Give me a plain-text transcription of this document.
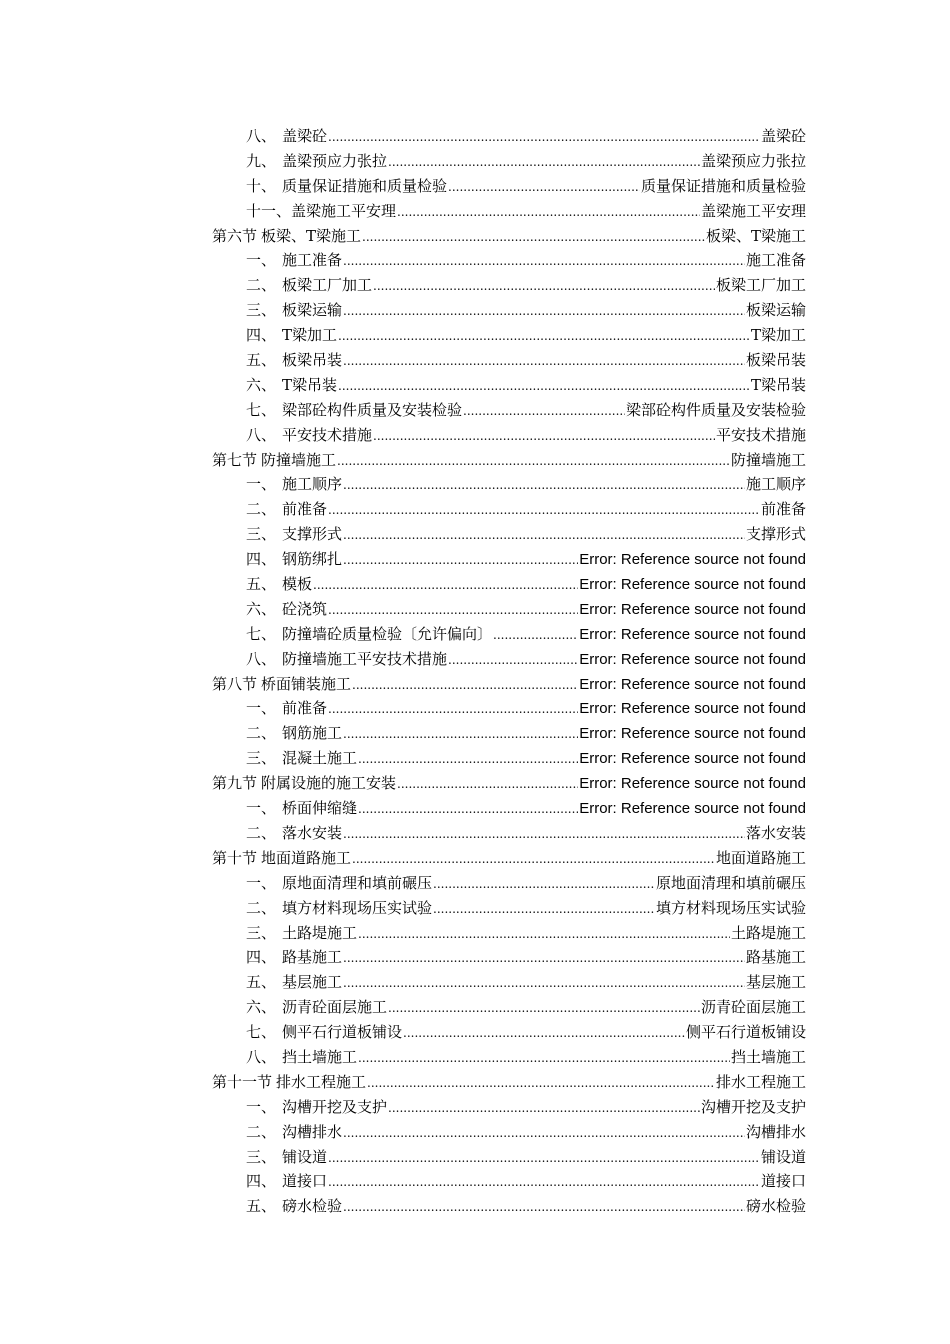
八、 盖梁砼 .....	盖梁砼
九、 盖梁预应力张拉 .....	盖梁预应力张拉
十、 质量保证措施和质量检验 .....	质量保证措施和质量检验
十一、 盖梁施工平安理 .....	盖梁施工平安理
第六节 板梁、T梁施工 .....	板梁、T梁施工
一、 施工准备 .....	施工准备
二、 板梁工厂加工 .....	板梁工厂加工
三、 板梁运输 .....	板梁运输
四、 T梁加工 .....	T梁加工
五、 板梁吊装 .....	板梁吊装
六、 T梁吊装 .....	T梁吊装
七、 梁部砼构件质量及安装检验 .....	梁部砼构件质量及安装检验
八、 平安技术措施 .....	平安技术措施
第七节 防撞墙施工 .....	防撞墙施工
一、 施工顺序 .....	施工顺序
二、 前准备 .....	前准备
三、 支撑形式 .....	支撑形式
四、 钢筋绑扎 .....	Error: Reference source not found
五、 模板 .....	Error: Reference source not found
六、 砼浇筑 .....	Error: Reference source not found
七、 防撞墙砼质量检验〔允许偏向〕 .....	Error: Reference source not found
八、 防撞墙施工平安技术措施 .....	Error: Reference source not found
第八节 桥面铺装施工 .....	Error: Reference source not found
一、 前准备 .....	Error: Reference source not found
二、 钢筋施工 .....	Error: Reference source not found
三、 混凝土施工 .....	Error: Reference source not found
第九节 附属设施的施工安装 .....	Error: Reference source not found
一、 桥面伸缩缝 .....	Error: Reference source not found
二、 落水安装 .....	落水安装
第十节 地面道路施工 .....	地面道路施工
一、 原地面清理和填前碾压 .....	原地面清理和填前碾压
二、 填方材料现场压实试验 .....	填方材料现场压实试验
三、 土路堤施工 .....	土路堤施工
四、 路基施工 .....	路基施工
五、 基层施工 .....	基层施工
六、 沥青砼面层施工 .....	沥青砼面层施工
七、 侧平石行道板铺设 .....	侧平石行道板铺设
八、 挡土墙施工 .....	挡土墙施工
第十一节 排水工程施工 .....	排水工程施工
一、 沟槽开挖及支护 .....	沟槽开挖及支护
二、 沟槽排水 .....	沟槽排水
三、 铺设道 .....	铺设道
四、 道接口 .....	道接口
五、 磅水检验 .....	磅水检验
